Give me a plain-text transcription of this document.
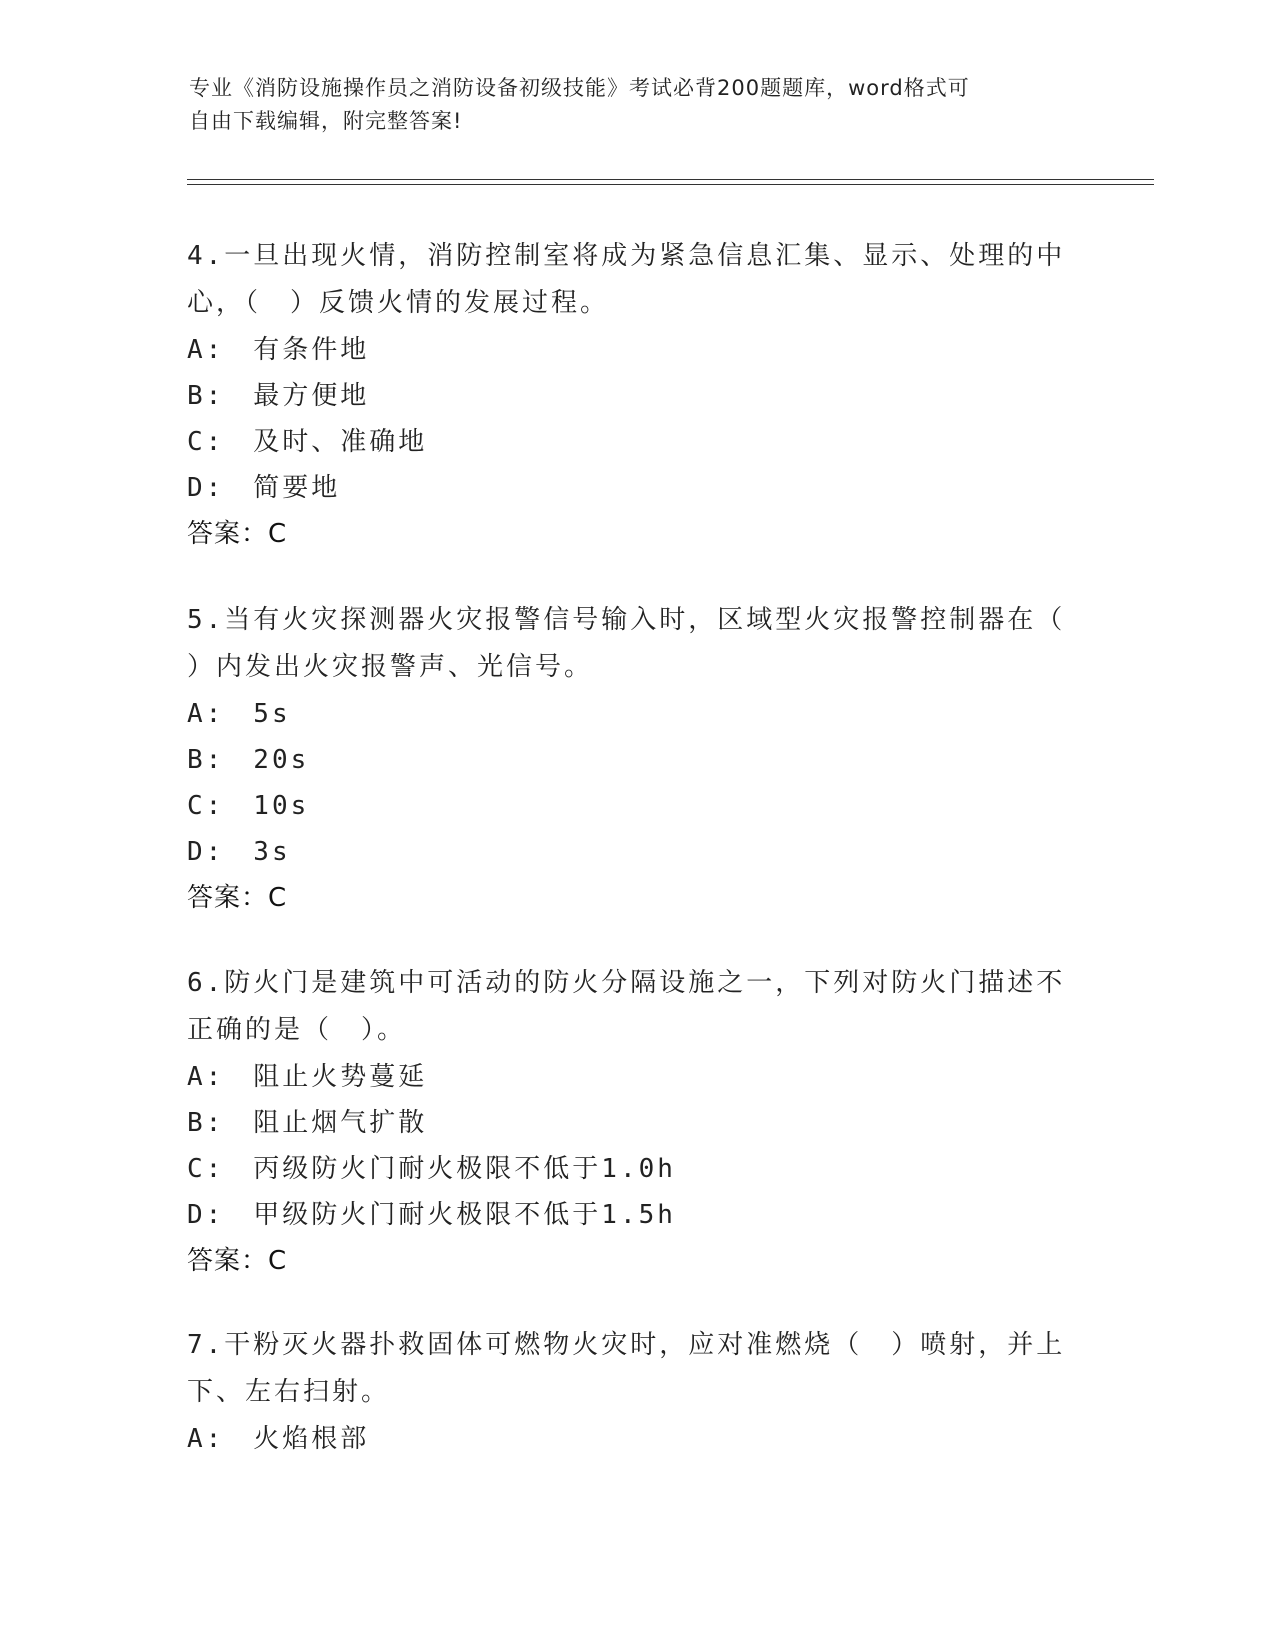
专业《消防设施操作员之消防设备初级技能》考试必背200题题库，word格式可
自由下载编辑，附完整答案!
4.一旦出现火情，消防控制室将成为紧急信息汇集、显示、处理的中
心，（　）反馈火情的发展过程。
A:　有条件地
B:　最方便地
C:　及时、准确地
D:　简要地
答案：C
5.当有火灾探测器火灾报警信号输入时，区域型火灾报警控制器在（
）内发出火灾报警声、光信号。
A:　5s
B:　20s
C:　10s
D:　3s
答案：C
6.防火门是建筑中可活动的防火分隔设施之一，下列对防火门描述不
正确的是（　）。
A:　阻止火势蔓延
B:　阻止烟气扩散
C:　丙级防火门耐火极限不低于1.0h
D:　甲级防火门耐火极限不低于1.5h
答案：C
7.干粉灭火器扑救固体可燃物火灾时，应对准燃烧（　）喷射，并上
下、左右扫射。
A:　火焰根部
